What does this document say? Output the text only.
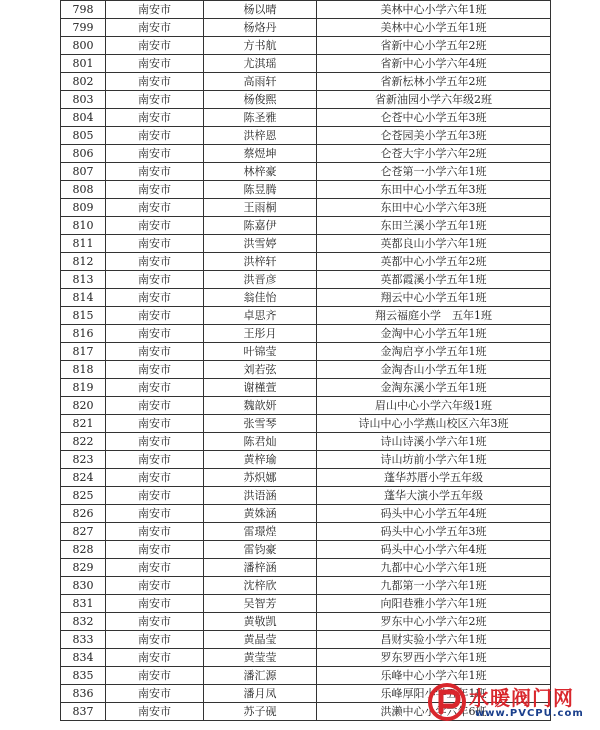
798	南安市	杨以晴	美林中心小学六年1班
799	南安市	杨烙丹	美林中心小学五年1班
800	南安市	方书航	省新中心小学五年2班
801	南安市	尤淇瑶	省新中心小学六年4班
802	南安市	高雨轩	省新枟林小学五年2班
803	南安市	杨俊熙	省新油园小学六年级2班
804	南安市	陈圣雅	仑苍中心小学五年3班
805	南安市	洪梓恩	仑苍园美小学五年3班
806	南安市	蔡煜坤	仑苍大宇小学六年2班
807	南安市	林梓豪	仑苍第一小学六年1班
808	南安市	陈昱腾	东田中心小学五年3班
809	南安市	王雨桐	东田中心小学六年3班
810	南安市	陈嘉伊	东田兰溪小学五年1班
811	南安市	洪雪婷	英都良山小学六年1班
812	南安市	洪梓轩	英都中心小学五年2班
813	南安市	洪晋彦	英都霞溪小学五年1班
814	南安市	翁佳怡	翔云中心小学五年1班
815	南安市	卓思齐	翔云福庭小学　五年1班
816	南安市	王彤月	金淘中心小学五年1班
817	南安市	叶锦莹	金淘启亨小学五年1班
818	南安市	刘若弦	金淘杏山小学五年1班
819	南安市	谢槿萱	金淘东溪小学五年1班
820	南安市	魏歆妍	眉山中心小学六年级1班
821	南安市	张雪琴	诗山中心小学燕山校区六年3班
822	南安市	陈君灿	诗山诗溪小学六年1班
823	南安市	黄梓瑜	诗山坊前小学六年1班
824	南安市	苏炽娜	蓬华苏厝小学五年级
825	南安市	洪语涵	蓬华大演小学五年级
826	南安市	黄姝涵	码头中心小学五年4班
827	南安市	雷璟煌	码头中心小学五年3班
828	南安市	雷钧豪	码头中心小学六年4班
829	南安市	潘梓涵	九都中心小学六年1班
830	南安市	沈梓欣	九都第一小学六年1班
831	南安市	吴智芳	向阳巷雅小学六年1班
832	南安市	黄敬凯	罗东中心小学六年2班
833	南安市	黄晶莹	昌财实验小学六年1班
834	南安市	黄莹莹	罗东罗西小学六年1班
835	南安市	潘汇源	乐峰中心小学六年1班
836	南安市	潘月凤	乐峰厚阳小学五年1班
837	南安市	苏子砚	洪濑中心小学六年6班
水暖阀门网
www.PVCPU.com
